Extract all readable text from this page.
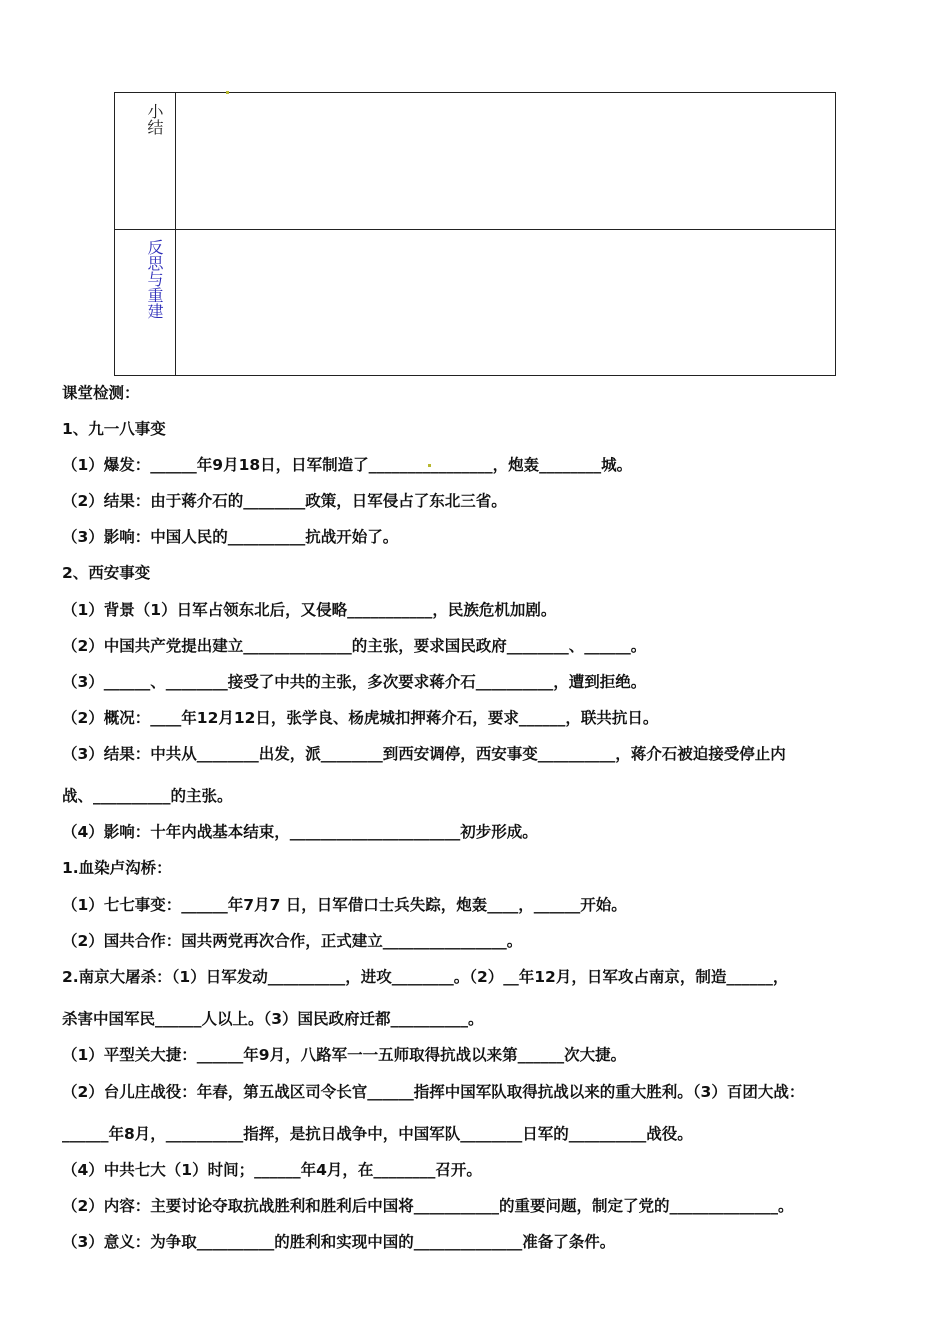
小结
反思与重建
课堂检测：
1、九一八事变
（1）爆发：______年9月18日，日军制造了________________，炮轰________城。
（2）结果：由于蒋介石的________政策，日军侵占了东北三省。
（3）影响：中国人民的__________抗战开始了。
2、西安事变
（1）背景（1）日军占领东北后，又侵略___________，民族危机加剧。
（2）中国共产党提出建立______________的主张，要求国民政府________、______。
（3）______、________接受了中共的主张，多次要求蒋介石__________，遭到拒绝。
（2）概况：____年12月12日，张学良、杨虎城扣押蒋介石，要求______，联共抗日。
（3）结果：中共从________出发，派________到西安调停，西安事变__________，蒋介石被迫接受停止内
战、__________的主张。
（4）影响：十年内战基本结束，______________________初步形成。
1.血染卢沟桥：
（1）七七事变：______年7月7 日，日军借口士兵失踪，炮轰____，______开始。
（2）国共合作：国共两党再次合作，正式建立________________。
2.南京大屠杀：（1）日军发动__________，进攻________。（2）__年12月，日军攻占南京，制造______，
杀害中国军民______人以上。（3）国民政府迁都__________。
（1）平型关大捷：______年9月，八路军一一五师取得抗战以来第______次大捷。
（2）台儿庄战役：年春，第五战区司令长官______指挥中国军队取得抗战以来的重大胜利。（3）百团大战：
______年8月，__________指挥，是抗日战争中，中国军队________日军的__________战役。
（4）中共七大（1）时间；______年4月，在________召开。
（2）内容：主要讨论夺取抗战胜利和胜利后中国将___________的重要问题，制定了党的______________。
（3）意义：为争取__________的胜利和实现中国的______________准备了条件。
